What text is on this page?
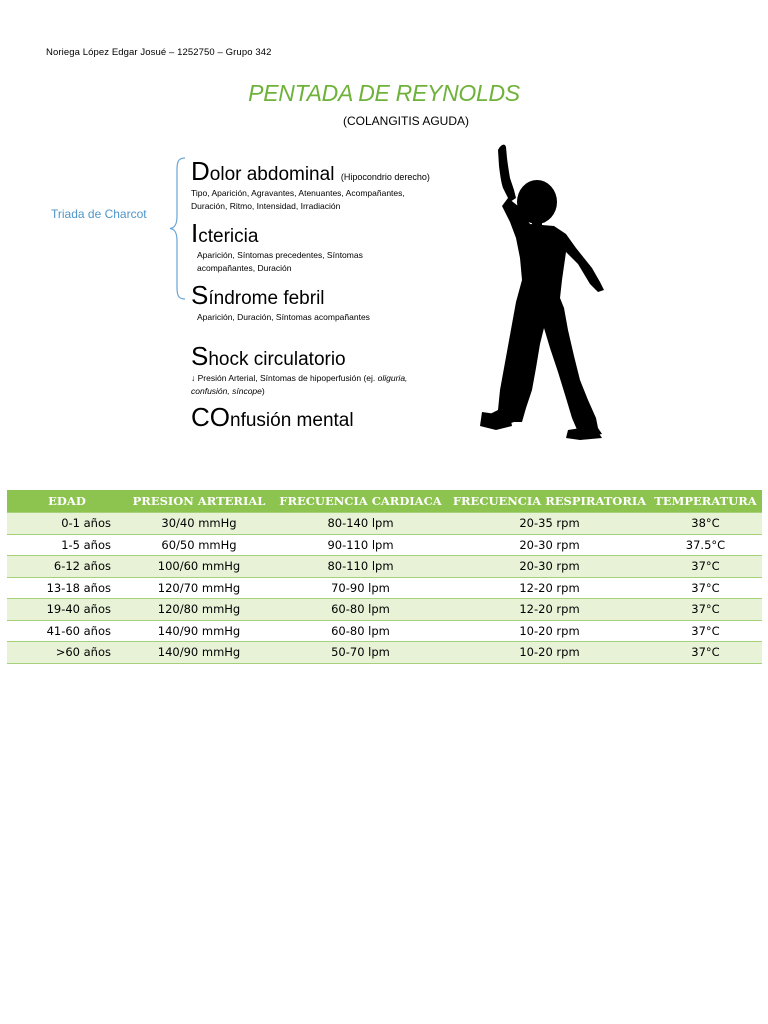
Noriega López Edgar Josué – 1252750 – Grupo 342
PENTADA DE REYNOLDS
(COLANGITIS AGUDA)
Triada de Charcot
Dolor abdominal (Hipocondrio derecho)
Tipo, Aparición, Agravantes, Atenuantes, Acompañantes,
Duración, Ritmo, Intensidad, Irradiación
Ictericia
Aparición, Síntomas precedentes, Síntomas
acompañantes, Duración
Síndrome febril
Aparición, Duración, Síntomas acompañantes
Shock circulatorio
↓ Presión Arterial, Síntomas de hipoperfusión (ej. oliguria,
confusión, síncope)
COnfusión mental
EDAD	PRESION ARTERIAL	FRECUENCIA CARDIACA	FRECUENCIA RESPIRATORIA	TEMPERATURA
0-1 años	30/40 mmHg	80-140 lpm	20-35 rpm	38°C
1-5 años	60/50 mmHg	90-110 lpm	20-30 rpm	37.5°C
6-12 años	100/60 mmHg	80-110 lpm	20-30 rpm	37°C
13-18 años	120/70 mmHg	70-90 lpm	12-20 rpm	37°C
19-40 años	120/80 mmHg	60-80 lpm	12-20 rpm	37°C
41-60 años	140/90 mmHg	60-80 lpm	10-20 rpm	37°C
>60 años	140/90 mmHg	50-70 lpm	10-20 rpm	37°C
